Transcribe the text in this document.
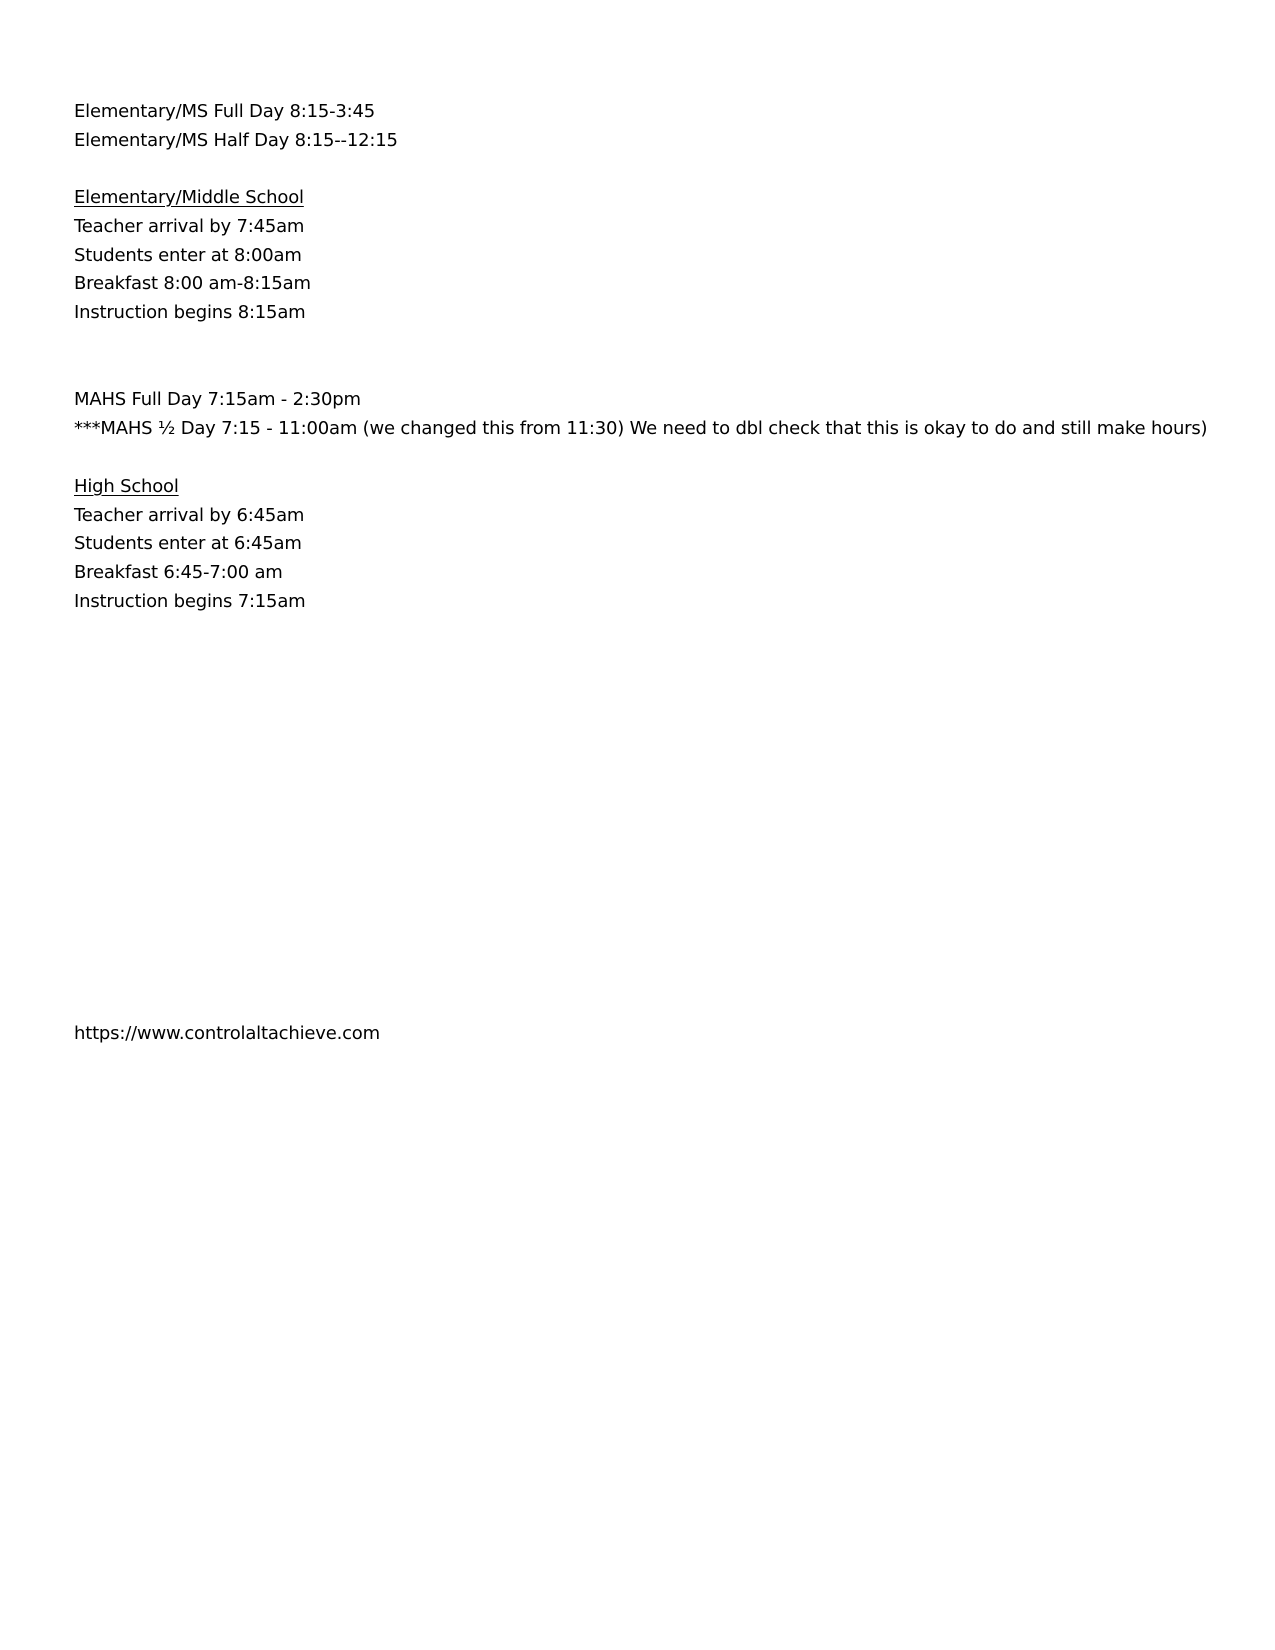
Elementary/MS Full Day 8:15-3:45
Elementary/MS Half Day 8:15--12:15
Elementary/Middle School
Teacher arrival by 7:45am
Students enter at 8:00am
Breakfast 8:00 am-8:15am
Instruction begins 8:15am
MAHS Full Day 7:15am - 2:30pm
***MAHS ½ Day 7:15 - 11:00am (we changed this from 11:30) We need to dbl check that this is okay to do and still make hours)
High School
Teacher arrival by 6:45am
Students enter at 6:45am
Breakfast 6:45-7:00 am
Instruction begins 7:15am
https://www.controlaltachieve.com
